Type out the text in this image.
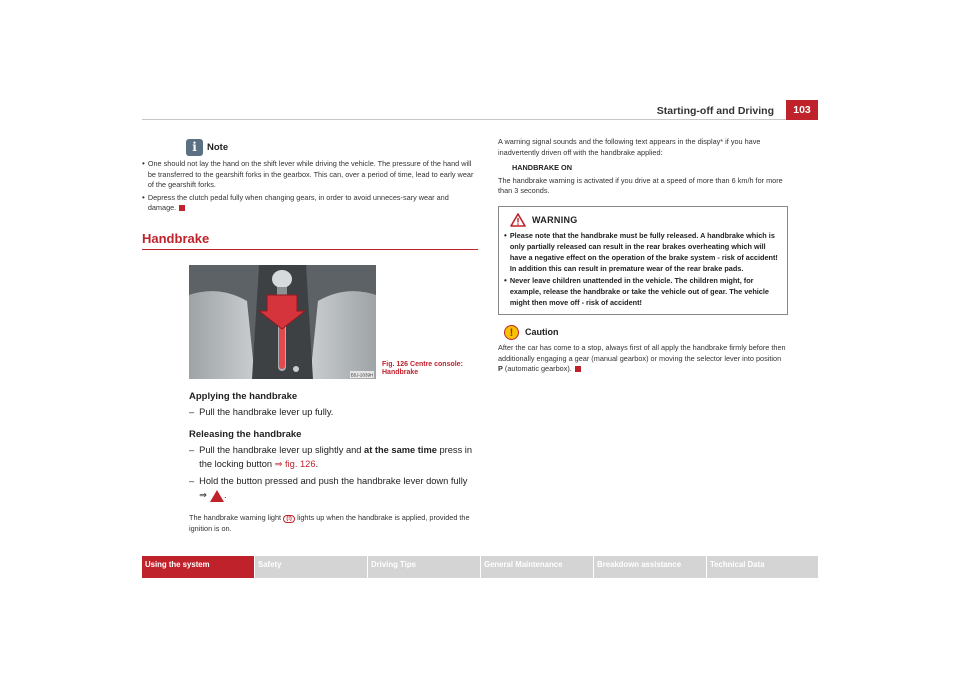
Starting-off and Driving	103
i	Note
• One should not lay the hand on the shift lever while driving the vehicle. The pressure of the hand will be transferred to the gearshift forks in the gearbox. This can, over a period of time, lead to early wear of the gearshift forks.
• Depress the clutch pedal fully when changing gears, in order to avoid unneces-sary wear and damage.
Handbrake
B5J-2039H
Fig. 126 Centre console:
Handbrake
Applying the handbrake
– Pull the handbrake lever up fully.
Releasing the handbrake
– Pull the handbrake lever up slightly and at the same time press in the locking button ⇒ fig. 126.
– Hold the button pressed and push the handbrake lever down fully
⇒ .
The handbrake warning light (!) lights up when the handbrake is applied, provided the ignition is on.
A warning signal sounds and the following text appears in the display* if you have inadvertently driven off with the handbrake applied:
HANDBRAKE ON
The handbrake warning is activated if you drive at a speed of more than 6 km/h for more than 3 seconds.
WARNING
• Please note that the handbrake must be fully released. A handbrake which is only partially released can result in the rear brakes overheating which will have a negative effect on the operation of the brake system - risk of accident! In addition this can result in premature wear of the rear brake pads.
• Never leave children unattended in the vehicle. The children might, for example, release the handbrake or take the vehicle out of gear. The vehicle might then move off - risk of accident!
!	Caution
After the car has come to a stop, always first of all apply the handbrake firmly before then additionally engaging a gear (manual gearbox) or moving the selector lever into position P (automatic gearbox).
Using the system	Safety	Driving Tips	General Maintenance	Breakdown assistance	Technical Data
